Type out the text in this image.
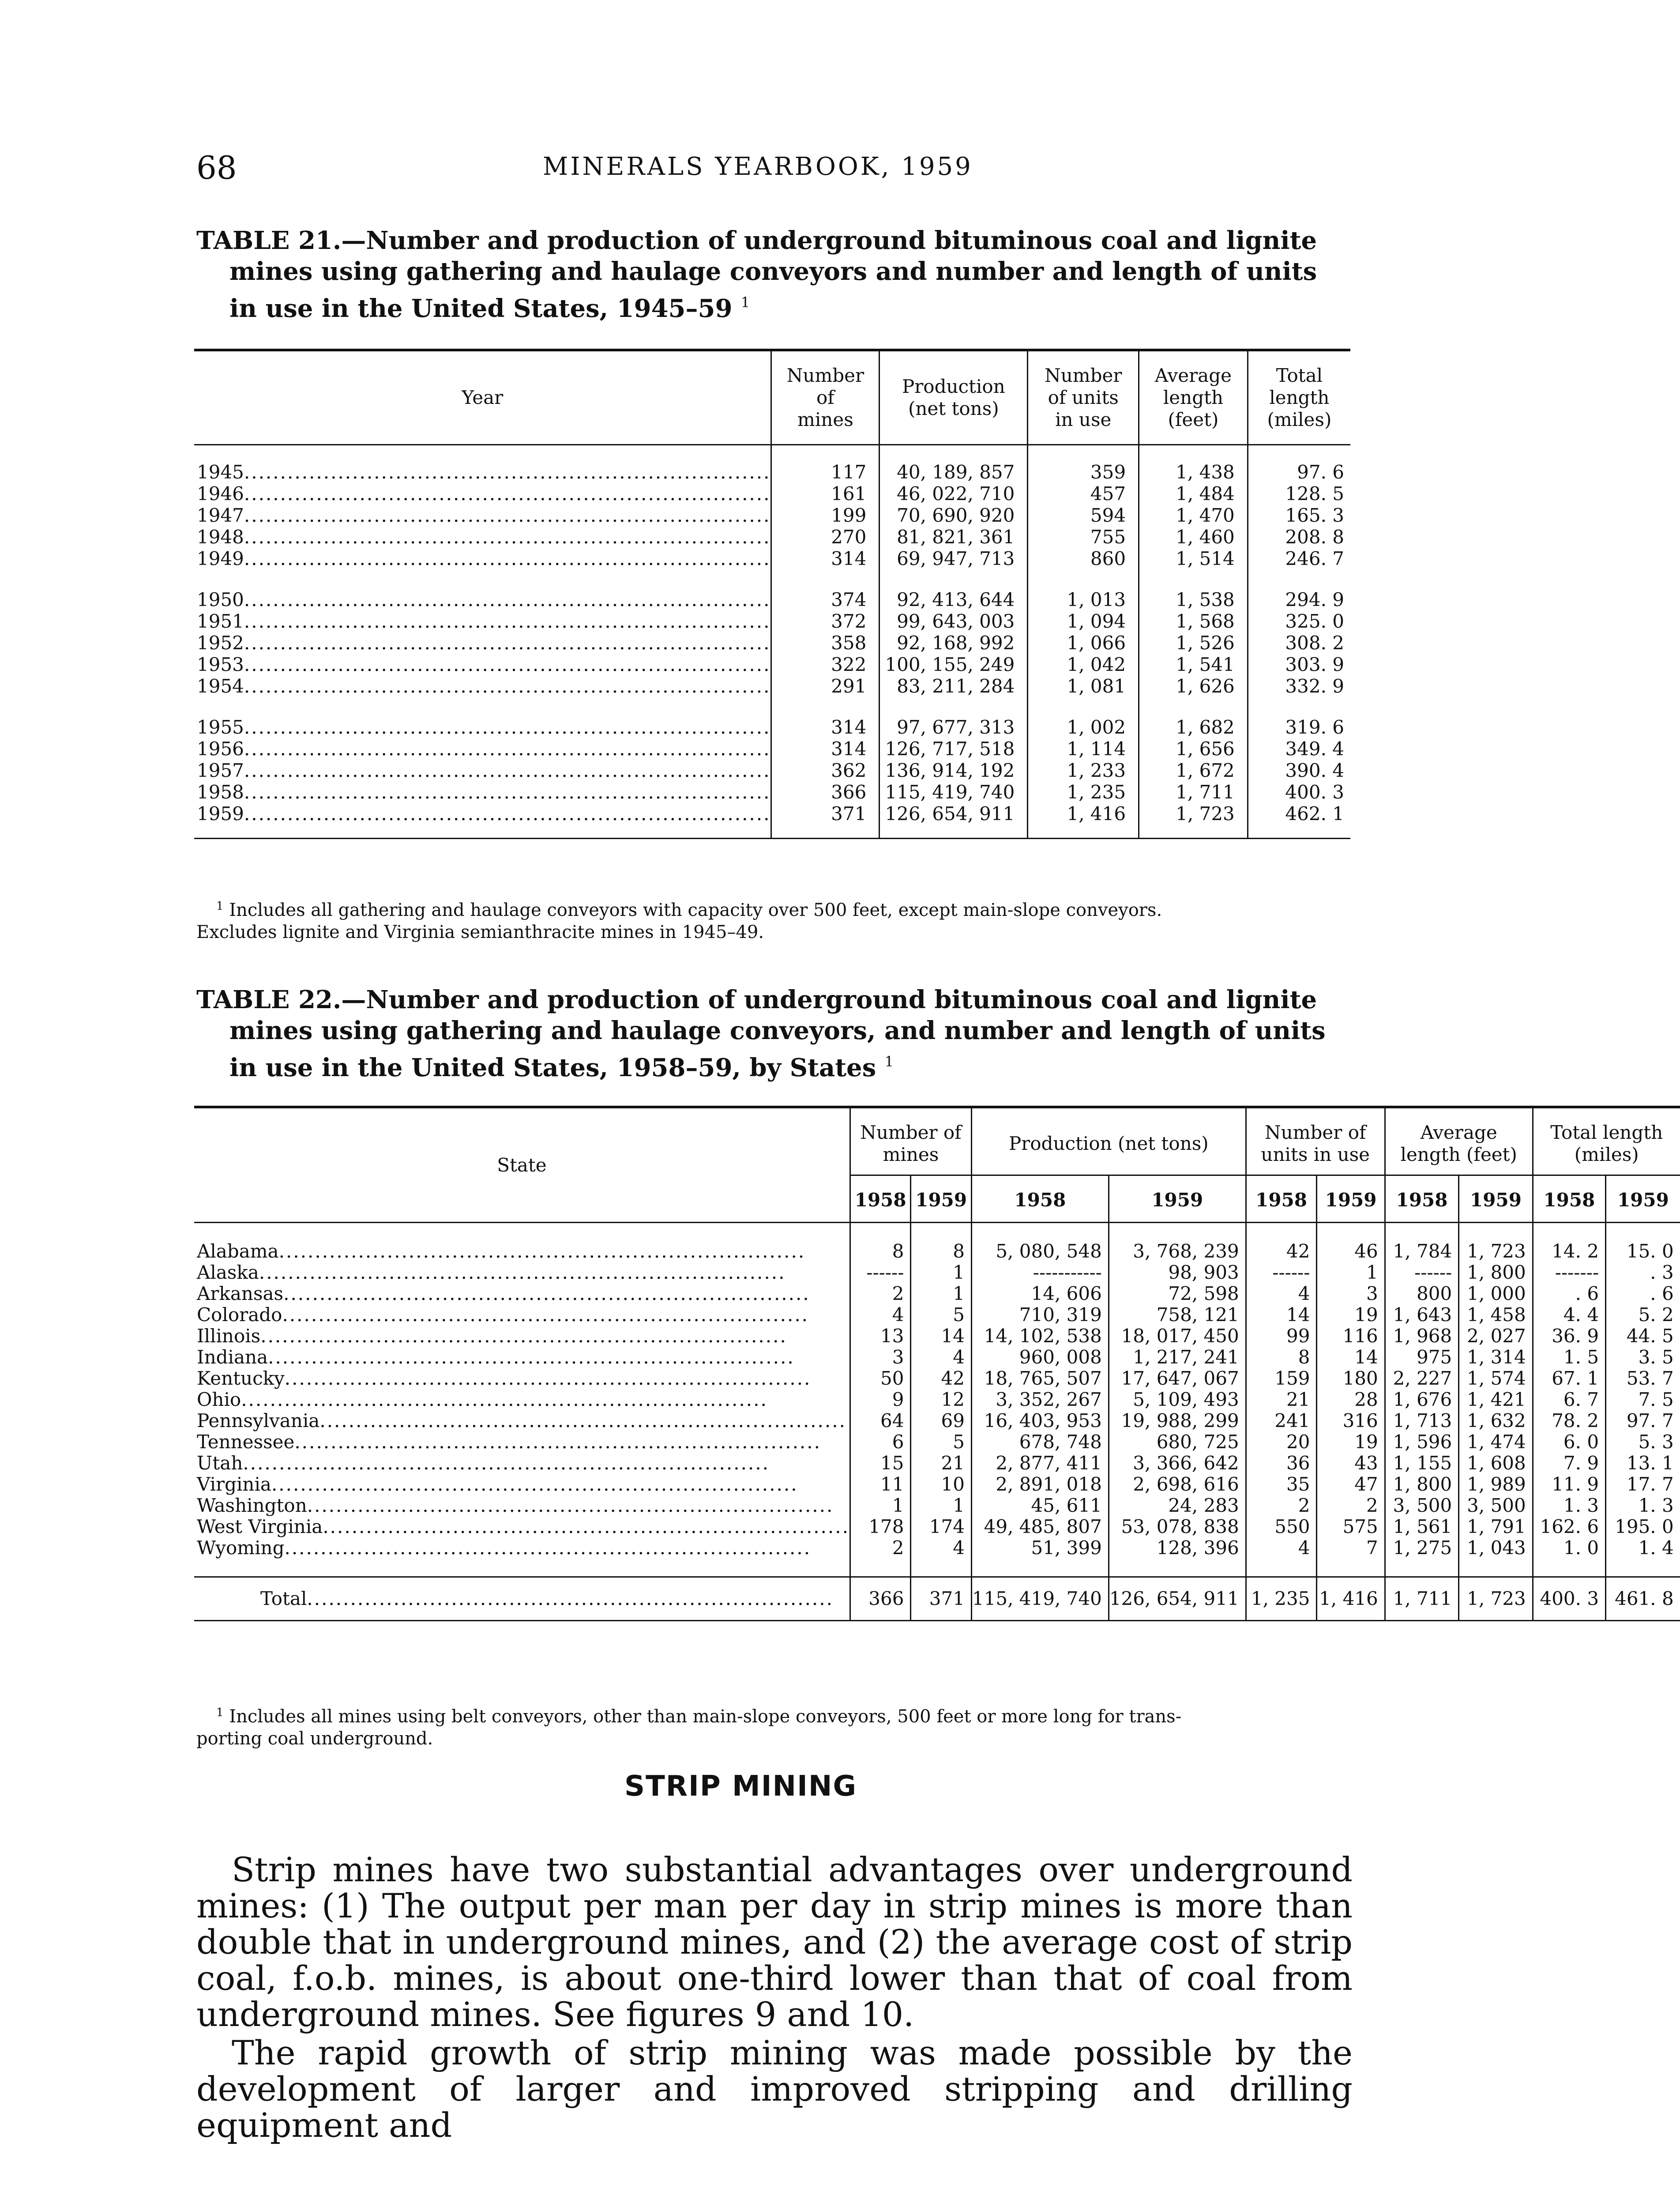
68	MINERALS YEARBOOK, 1959
TABLE 21.—Number and production of underground bituminous coal and lignite
mines using gathering and haulage conveyors and number and length of units
in use in the United States, 1945–59 $^1$
Year	Number of mines	Production (net tons)	Number of units in use	Average length (feet)	Total length (miles)

1945.........................................................................	117	40, 189, 857	359	1, 438	97. 6
1946.........................................................................	161	46, 022, 710	457	1, 484	128. 5
1947.........................................................................	199	70, 690, 920	594	1, 470	165. 3
1948.........................................................................	270	81, 821, 361	755	1, 460	208. 8
1949.........................................................................	314	69, 947, 713	860	1, 514	246. 7

1950.........................................................................	374	92, 413, 644	1, 013	1, 538	294. 9
1951.........................................................................	372	99, 643, 003	1, 094	1, 568	325. 0
1952.........................................................................	358	92, 168, 992	1, 066	1, 526	308. 2
1953.........................................................................	322	100, 155, 249	1, 042	1, 541	303. 9
1954.........................................................................	291	83, 211, 284	1, 081	1, 626	332. 9

1955.........................................................................	314	97, 677, 313	1, 002	1, 682	319. 6
1956.........................................................................	314	126, 717, 518	1, 114	1, 656	349. 4
1957.........................................................................	362	136, 914, 192	1, 233	1, 672	390. 4
1958.........................................................................	366	115, 419, 740	1, 235	1, 711	400. 3
1959.........................................................................	371	126, 654, 911	1, 416	1, 723	462. 1

$^1$ Includes all gathering and haulage conveyors with capacity over 500 feet, except main-slope conveyors.
Excludes lignite and Virginia semianthracite mines in 1945–49.
TABLE 22.—Number and production of underground bituminous coal and lignite
mines using gathering and haulage conveyors, and number and length of units
in use in the United States, 1958–59, by States $^1$
State	Number of mines		Production (net tons)		Number of units in use		Average length (feet)		Total length (miles)	

	1958	1959	1958	1959	1958	1959	1958	1959	1958	1959

Alabama.........................................................................	8	8	5, 080, 548	3, 768, 239	42	46	1, 784	1, 723	14. 2	15. 0
Alaska.........................................................................	------	1	-----------	98, 903	------	1	------	1, 800	-------	. 3
Arkansas.........................................................................	2	1	14, 606	72, 598	4	3	800	1, 000	. 6	. 6
Colorado.........................................................................	4	5	710, 319	758, 121	14	19	1, 643	1, 458	4. 4	5. 2
Illinois.........................................................................	13	14	14, 102, 538	18, 017, 450	99	116	1, 968	2, 027	36. 9	44. 5
Indiana.........................................................................	3	4	960, 008	1, 217, 241	8	14	975	1, 314	1. 5	3. 5
Kentucky.........................................................................	50	42	18, 765, 507	17, 647, 067	159	180	2, 227	1, 574	67. 1	53. 7
Ohio.........................................................................	9	12	3, 352, 267	5, 109, 493	21	28	1, 676	1, 421	6. 7	7. 5
Pennsylvania.........................................................................	64	69	16, 403, 953	19, 988, 299	241	316	1, 713	1, 632	78. 2	97. 7
Tennessee.........................................................................	6	5	678, 748	680, 725	20	19	1, 596	1, 474	6. 0	5. 3
Utah.........................................................................	15	21	2, 877, 411	3, 366, 642	36	43	1, 155	1, 608	7. 9	13. 1
Virginia.........................................................................	11	10	2, 891, 018	2, 698, 616	35	47	1, 800	1, 989	11. 9	17. 7
Washington.........................................................................	1	1	45, 611	24, 283	2	2	3, 500	3, 500	1. 3	1. 3
West Virginia.........................................................................	178	174	49, 485, 807	53, 078, 838	550	575	1, 561	1, 791	162. 6	195. 0
Wyoming.........................................................................	2	4	51, 399	128, 396	4	7	1, 275	1, 043	1. 0	1. 4

Total.........................................................................	366	371	115, 419, 740	126, 654, 911	1, 235	1, 416	1, 711	1, 723	400. 3	461. 8
$^1$ Includes all mines using belt conveyors, other than main-slope conveyors, 500 feet or more long for trans-
porting coal underground.
STRIP MINING
Strip mines have two substantial advantages over underground mines: (1) The output per man per day in strip mines is more than double that in underground mines, and (2) the average cost of strip coal, f.o.b. mines, is about one-third lower than that of coal from underground mines. See figures 9 and 10.
The rapid growth of strip mining was made possible by the development of larger and improved stripping and drilling equipment and
